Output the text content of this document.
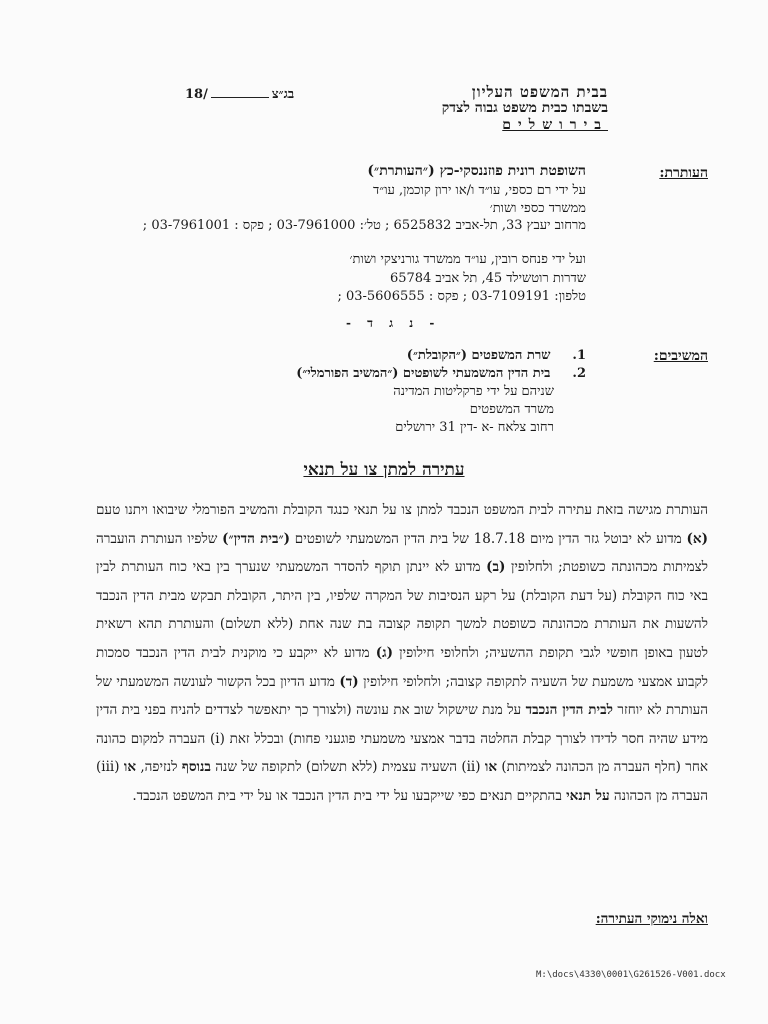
בבית המשפט העליון
בשבתו כבית משפט גבוה לצדק
בירושלים
בג״צ/18
העותרת:
השופטת רונית פוזננסקי-כץ (״העותרת״)
על ידי רם כספי, עו״ד ו/או ירון קוכמן, עו״ד
ממשרד כספי ושות׳
מרחוב יעבץ 33, תל-אביב 6525832 ; טל׳: 03-7961000 ; פקס : 03-7961001 ;
ועל ידי פנחס רובין, עו״ד ממשרד גורניצקי ושות׳
שדרות רוטשילד 45, תל אביב 65784
טלפון: 03-7109191 ; פקס : 03-5606555 ;
- נ ג ד -
המשיבים:
1.   שרת המשפטים (״הקובלת״)
2.   בית הדין המשמעתי לשופטים (״המשיב הפורמלי״)
שניהם על ידי פרקליטות המדינה
משרד המשפטים
רחוב צלאח -א -דין 31 ירושלים
עתירה למתן צו על תנאי

העותרת מגישה בזאת עתירה לבית המשפט הנכבד למתן צו על תנאי כנגד הקובלת והמשיב הפורמלי שיבואו ויתנו טעם (א) מדוע לא יבוטל גזר הדין מיום 18.7.18 של בית הדין המשמעתי לשופטים (״בית הדין״) שלפיו העותרת הועברה לצמיתות מכהונתה כשופטת; ולחלופין (ב) מדוע לא יינתן תוקף להסדר המשמעתי שנערך בין באי כוח העותרת לבין באי כוח הקובלת (על דעת הקובלת) על רקע הנסיבות של המקרה שלפיו, בין היתר, הקובלת תבקש מבית הדין הנכבד להשעות את העותרת מכהונתה כשופטת למשך תקופה קצובה בת שנה אחת (ללא תשלום) והעותרת תהא רשאית לטעון באופן חופשי לגבי תקופת ההשעיה; ולחלופי חילופין (ג) מדוע לא ייקבע כי מוקנית לבית הדין הנכבד סמכות לקבוע אמצעי משמעת של השעיה לתקופה קצובה; ולחלופי חילופין (ד) מדוע הדיון בכל הקשור לעונשה המשמעתי של העותרת לא יוחזר לבית הדין הנכבד על מנת שישקול שוב את עונשה (ולצורך כך יתאפשר לצדדים להניח בפני בית הדין מידע שהיה חסר לדידו לצורך קבלת החלטה בדבר אמצעי משמעתי פוגעני פחות) ובכלל זאת (i) העברה למקום כהונה אחר (חלף העברה מן הכהונה לצמיתות) או (ii) השעיה עצמית (ללא תשלום) לתקופה של שנה בנוסף לנזיפה, או (iii) העברה מן הכהונה על תנאי בהתקיים תנאים כפי שייקבעו על ידי בית הדין הנכבד או על ידי בית המשפט הנכבד.

ואלה נימוקי העתירה:
M:\docs\4330\0001\G261526-V001.docx
